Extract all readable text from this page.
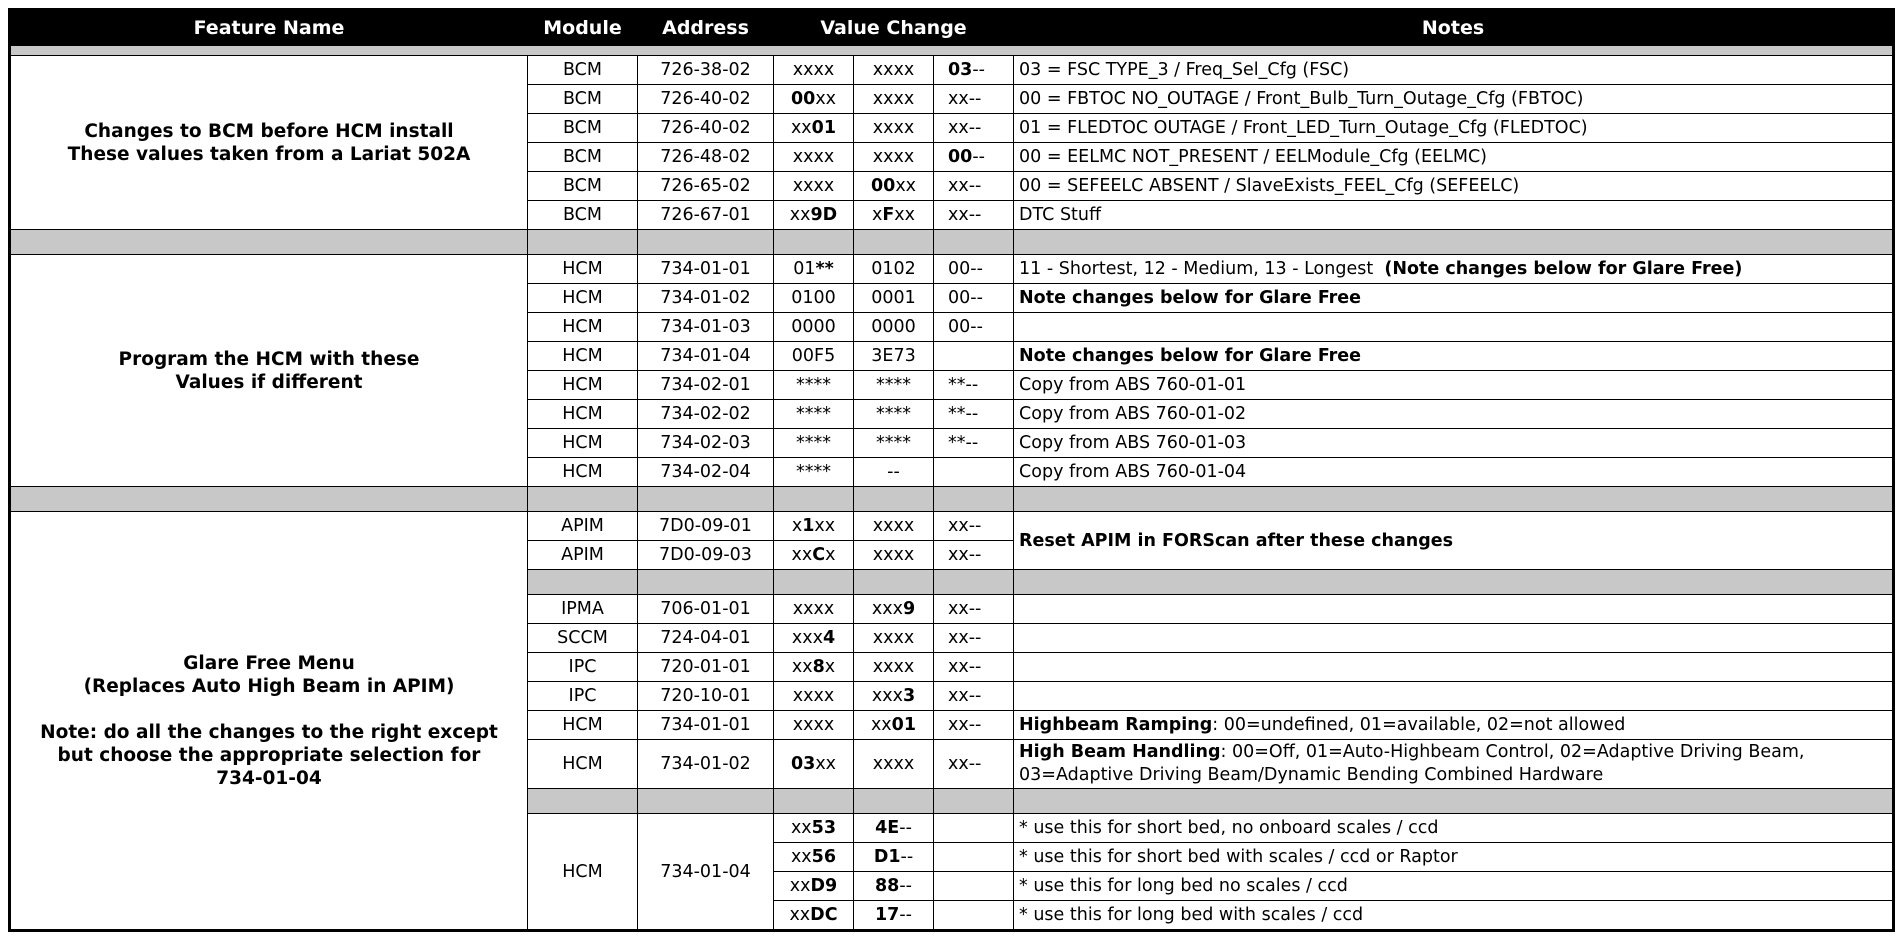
Feature Name	Module	Address	Value Change			Notes

Changes to BCM before HCM install
These values taken from a Lariat 502A	BCM	726-38-02	xxxx	xxxx	03--	03 = FSC TYPE_3 / Freq_Sel_Cfg (FSC)
	BCM	726-40-02	00xx	xxxx	xx--	00 = FBTOC NO_OUTAGE / Front_Bulb_Turn_Outage_Cfg (FBTOC)
	BCM	726-40-02	xx01	xxxx	xx--	01 = FLEDTOC OUTAGE / Front_LED_Turn_Outage_Cfg (FLEDTOC)
	BCM	726-48-02	xxxx	xxxx	00--	00 = EELMC NOT_PRESENT / EELModule_Cfg (EELMC)
	BCM	726-65-02	xxxx	00xx	xx--	00 = SEFEELC ABSENT / SlaveExists_FEEL_Cfg (SEFEELC)
	BCM	726-67-01	xx9D	xFxx	xx--	DTC Stuff

Program the HCM with these
Values if different	HCM	734-01-01	01**	0102	00--	11 - Shortest, 12 - Medium, 13 - Longest (Note changes below for Glare Free)
	HCM	734-01-02	0100	0001	00--	Note changes below for Glare Free
	HCM	734-01-03	0000	0000	00--	
	HCM	734-01-04	00F5	3E73		Note changes below for Glare Free
	HCM	734-02-01	****	****	**--	Copy from ABS 760-01-01
	HCM	734-02-02	****	****	**--	Copy from ABS 760-01-02
	HCM	734-02-03	****	****	**--	Copy from ABS 760-01-03
	HCM	734-02-04	****	--		Copy from ABS 760-01-04

Glare Free Menu
(Replaces Auto High Beam in APIM)
Note: do all the changes to the right except
but choose the appropriate selection for
734-01-04	APIM	7D0-09-01	x1xx	xxxx	xx--	Reset APIM in FORScan after these changes
	APIM	7D0-09-03	xxCx	xxxx	xx--	

	IPMA	706-01-01	xxxx	xxx9	xx--	
	SCCM	724-04-01	xxx4	xxxx	xx--	
	IPC	720-01-01	xx8x	xxxx	xx--	
	IPC	720-10-01	xxxx	xxx3	xx--	
	HCM	734-01-01	xxxx	xx01	xx--	Highbeam Ramping: 00=undefined, 01=available, 02=not allowed
	HCM	734-01-02	03xx	xxxx	xx--	High Beam Handling: 00=Off, 01=Auto-Highbeam Control, 02=Adaptive Driving Beam,
03=Adaptive Driving Beam/Dynamic Bending Combined Hardware

	HCM	734-01-04	xx53	4E--		* use this for short bed, no onboard scales / ccd
			xx56	D1--		* use this for short bed with scales / ccd or Raptor
			xxD9	88--		* use this for long bed no scales / ccd
			xxDC	17--		* use this for long bed with scales / ccd
